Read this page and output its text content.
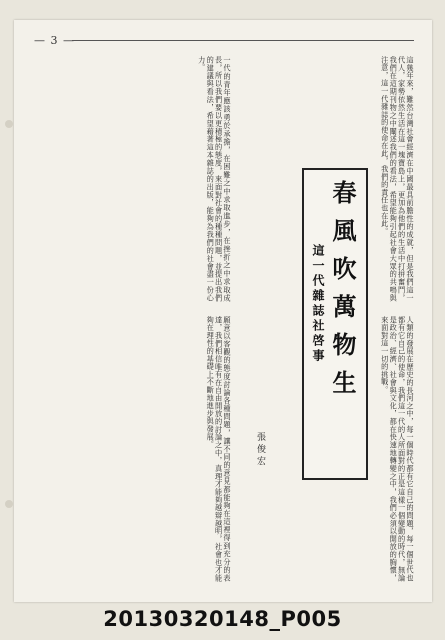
— 3 —
這幾年來，難然台灣社會經濟在中國最具前膽性的成就，但是我們這一代人，家勢依然生活在這一塊寶島上，更加為他們的生活中打拼奮鬥，我們在這期刊物之中闡述我們的看法，希望能夠引起社會大眾的共鳴與注意，這一代雜誌的使命在此，我們的責任也在此。
人類的發展在歷史的長河之中，每一個時代都有它自己的問題，每一個世代也都有它自己的使命，我們這一代的人所面對的正是這樣一個變動的時代，無論是政治、經濟、社會與文化，都在快速地轉變之中，我們必須以開放的胸懷，來面對這一切的挑戰。
一代的青年應該勇於承擔，在困難之中求取進步，在挫折之中求取成長，所以我們要以更積極的態度，來面對社會的種種問題，並提出我們的建議與看法，希望藉著這本雜誌的出版，能夠為我們的社會盡一份心力。
願意以客觀的態度討論各種問題，讓不同的意見都能夠在這裡得到充分的表達，我們相信唯有在自由開放的討論之中，真理才能夠越辯越明，社會也才能夠在理性的基礎上不斷地進步與發展。	春風吹萬物生
這一代雜誌社啓事
張俊宏
20130320148_P005
